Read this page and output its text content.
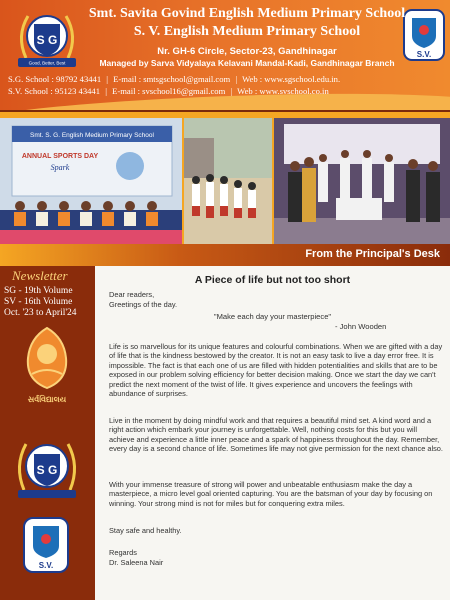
S G
Good, Better, Best
S.V.
Smt. Savita Govind English Medium Primary School
S. V. English Medium Primary School
Nr. GH-6 Circle, Sector-23, Gandhinagar
Managed by Sarva Vidyalaya Kelavani Mandal-Kadi, Gandhinagar Branch
S.G. School : 98792 43441 | E-mail : smtsgschool@gmail.com | Web : www.sgschool.edu.in.
S.V. School : 95123 43441 | E-mail : svschool16@gmail.com | Web : www.svschool.co.in
Smt. S. G. English Medium Primary School
ANNUAL SPORTS DAY
Spark
From the Principal's Desk
Newsletter
SG - 19th Volume
SV - 16th Volume
Oct. '23 to April'24
સર્વવિદ્યાલય
S G
S.V.
A Piece of life but not too short
Dear readers,
Greetings of the day.
"Make each day your masterpiece"
- John Wooden
Life is so marvellous for its unique features and colourful combinations. When we are gifted with a day of life that is the kindness bestowed by the creator. It is not an easy task to live a day error free. It is impossible. The fact is that each one of us are filled with hidden potentialities and skills that are to be exposed in our problem solving efficiency for better decision making. Once we start the day we can't predict the next moment of the twist of life. It gives experience and uncovers the feelings with abundance of surprises.
Live in the moment by doing mindful work and that requires a beautiful mind set. A kind word and a right action which embark your journey is unforgettable. Well, nothing costs for this but you will achieve and experience a little inner peace and a spark of happiness throughout the day. Remember, every day is a second chance of life. Sometimes life may not give permission for the next chance also.
With your immense treasure of strong will power and unbeatable enthusiasm make the day a masterpiece, a micro level goal oriented capturing. You are the batsman of your day by focusing on winning. Your strong mind is not for miles but for conquering extra miles.
Stay safe and healthy.
Regards
Dr. Saleena Nair
